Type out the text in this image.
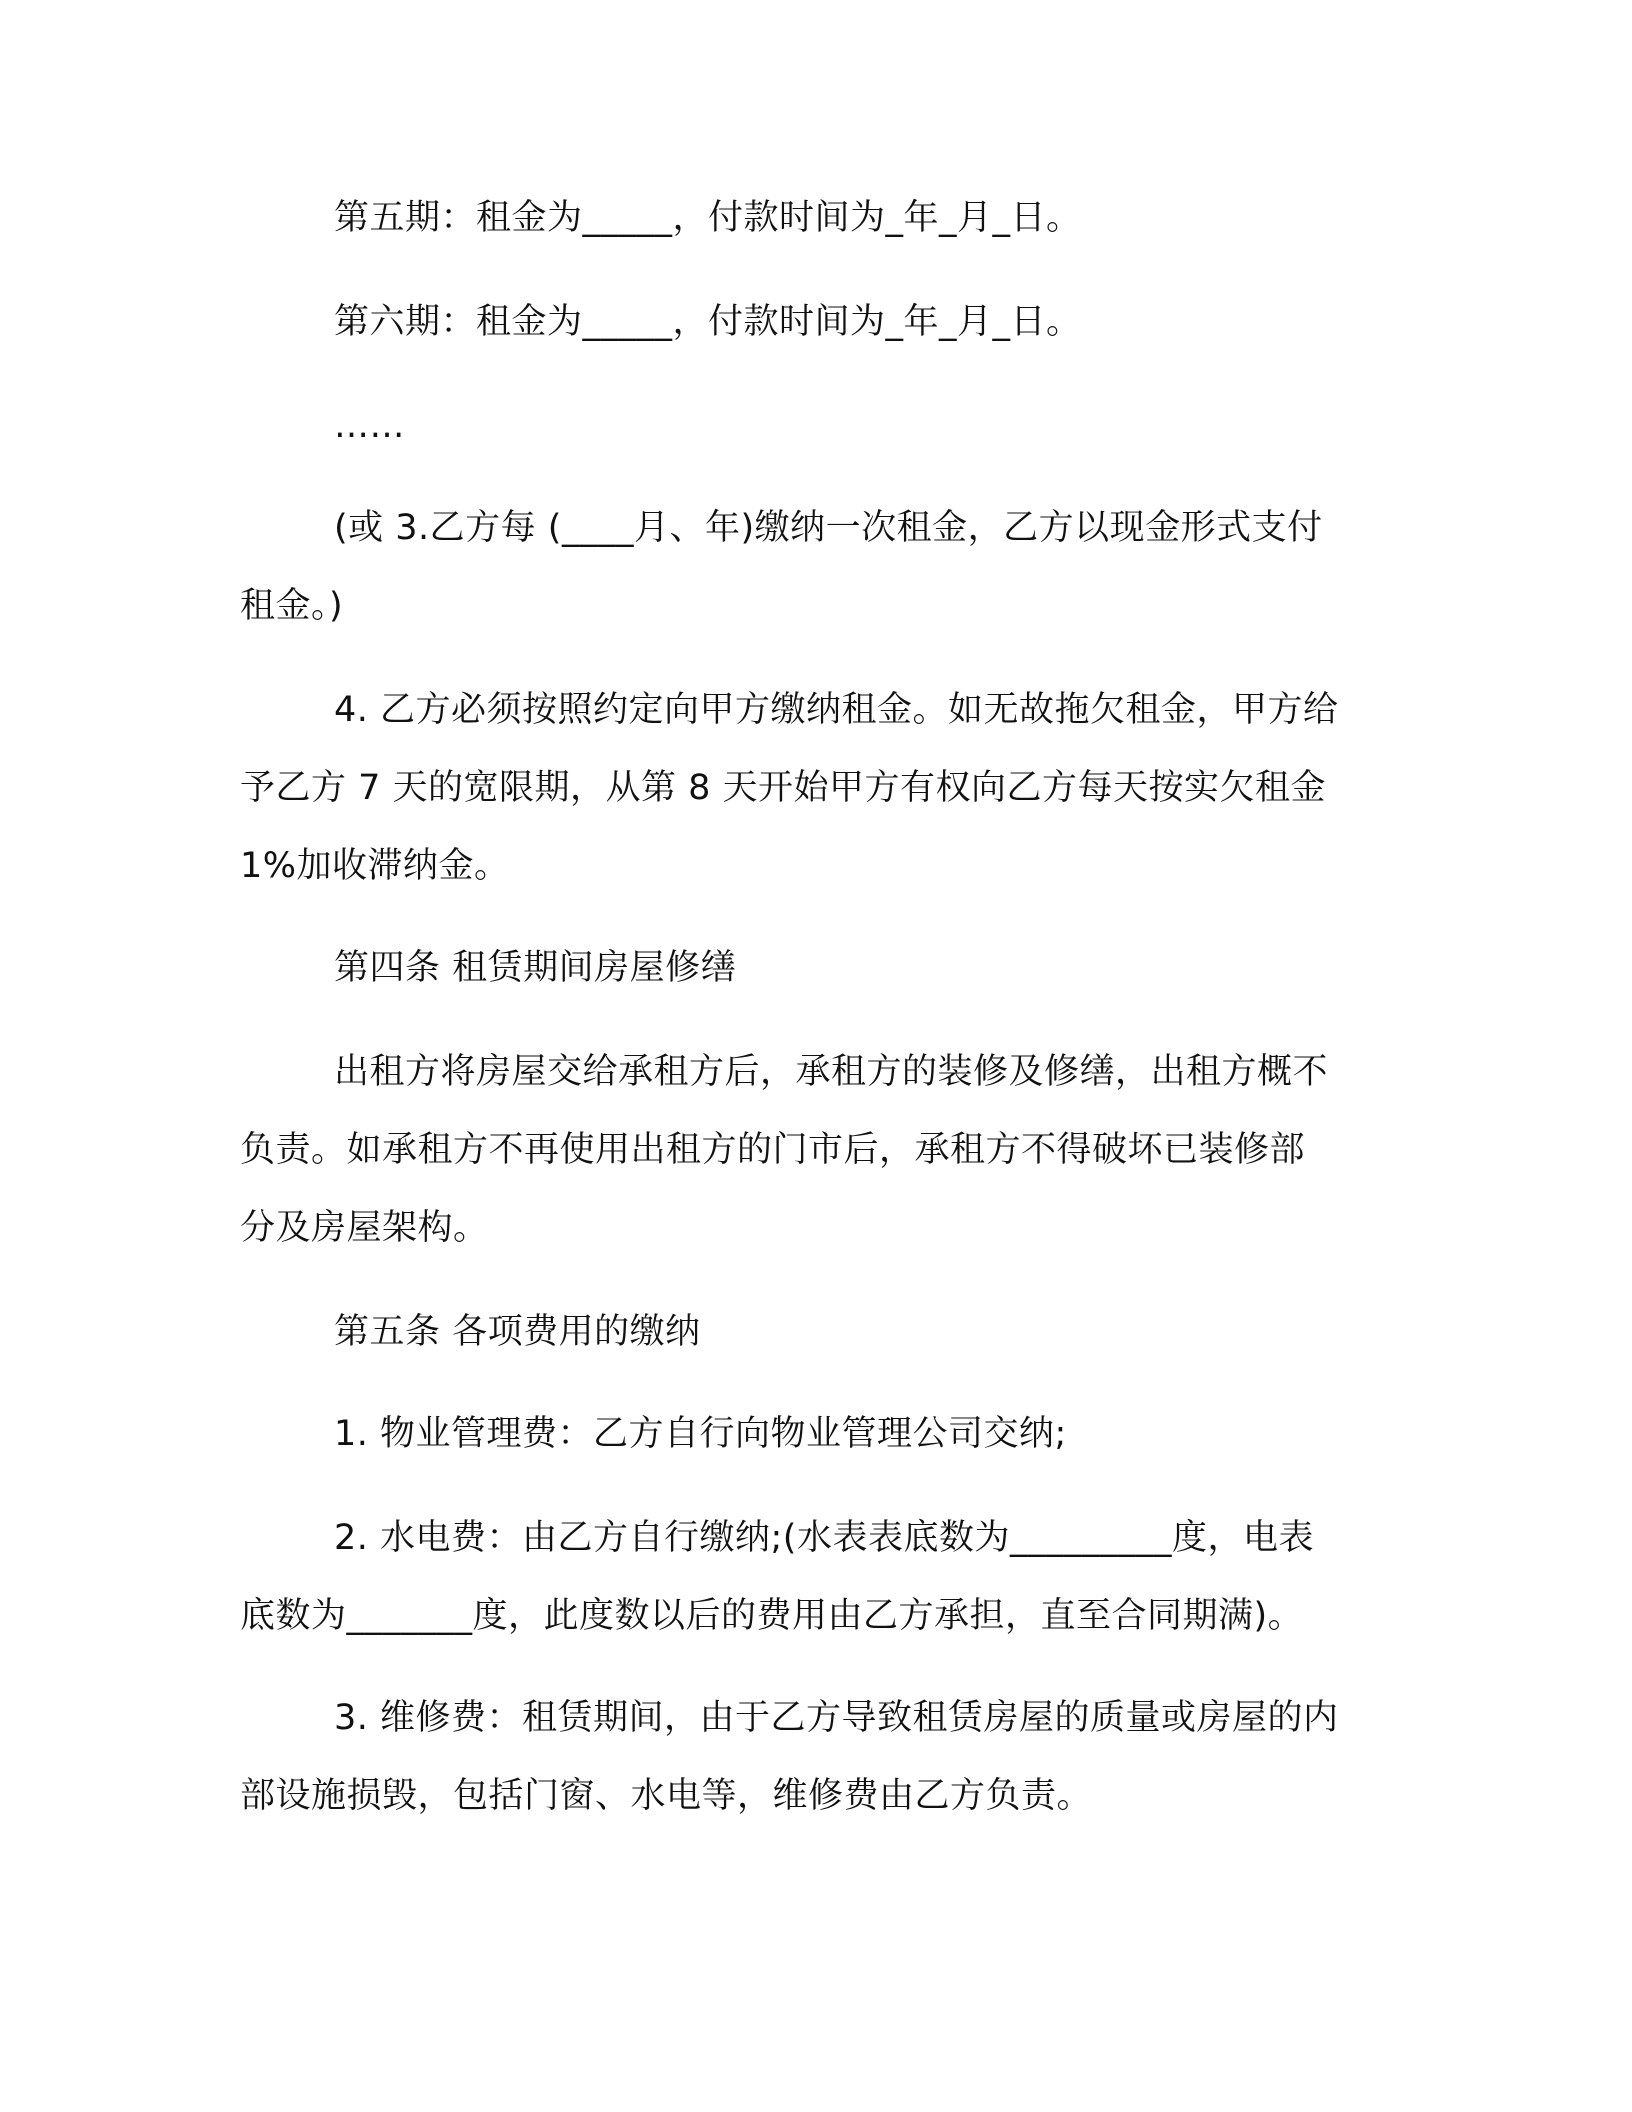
第五期：租金为_____，付款时间为_年_月_日。
第六期：租金为_____，付款时间为_年_月_日。
……
(或 3.乙方每 (____月、年)缴纳一次租金，乙方以现金形式支付
租金。)
4. 乙方必须按照约定向甲方缴纳租金。如无故拖欠租金，甲方给
予乙方 7 天的宽限期，从第 8 天开始甲方有权向乙方每天按实欠租金
1%加收滞纳金。
第四条 租赁期间房屋修缮
出租方将房屋交给承租方后，承租方的装修及修缮，出租方概不
负责。如承租方不再使用出租方的门市后，承租方不得破坏已装修部
分及房屋架构。
第五条 各项费用的缴纳
1. 物业管理费：乙方自行向物业管理公司交纳;
2. 水电费：由乙方自行缴纳;(水表表底数为_________度，电表
底数为_______度，此度数以后的费用由乙方承担，直至合同期满)。
3. 维修费：租赁期间，由于乙方导致租赁房屋的质量或房屋的内
部设施损毁，包括门窗、水电等，维修费由乙方负责。
